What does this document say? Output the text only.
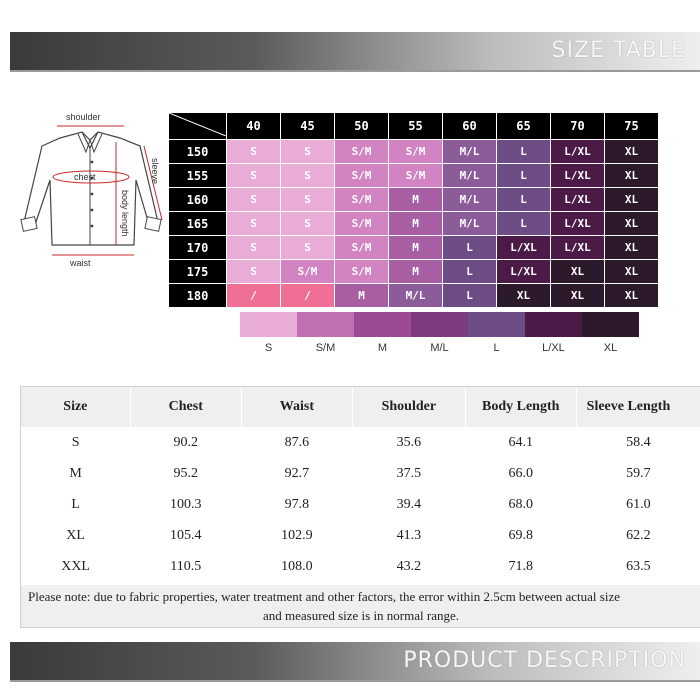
SIZE TABLE
shoulder
chest
waist
body length
sleeve
	40	45	50	55	60	65	70	75
150	S	S	S/M	S/M	M/L	L	L/XL	XL
155	S	S	S/M	S/M	M/L	L	L/XL	XL
160	S	S	S/M	M	M/L	L	L/XL	XL
165	S	S	S/M	M	M/L	L	L/XL	XL
170	S	S	S/M	M	L	L/XL	L/XL	XL
175	S	S/M	S/M	M	L	L/XL	XL	XL
180	/	/	M	M/L	L	XL	XL	XL
S	S/M	M	M/L	L	L/XL	XL
Size	Chest	Waist	Shoulder	Body Length	Sleeve Length
S	90.2	87.6	35.6	64.1	58.4
M	95.2	92.7	37.5	66.0	59.7
L	100.3	97.8	39.4	68.0	61.0
XL	105.4	102.9	41.3	69.8	62.2
XXL	110.5	108.0	43.2	71.8	63.5
Please note: due to fabric properties, water treatment and other factors, the error within 2.5cm between actual size
and measured size is in normal range.
PRODUCT DESCRIPTION
